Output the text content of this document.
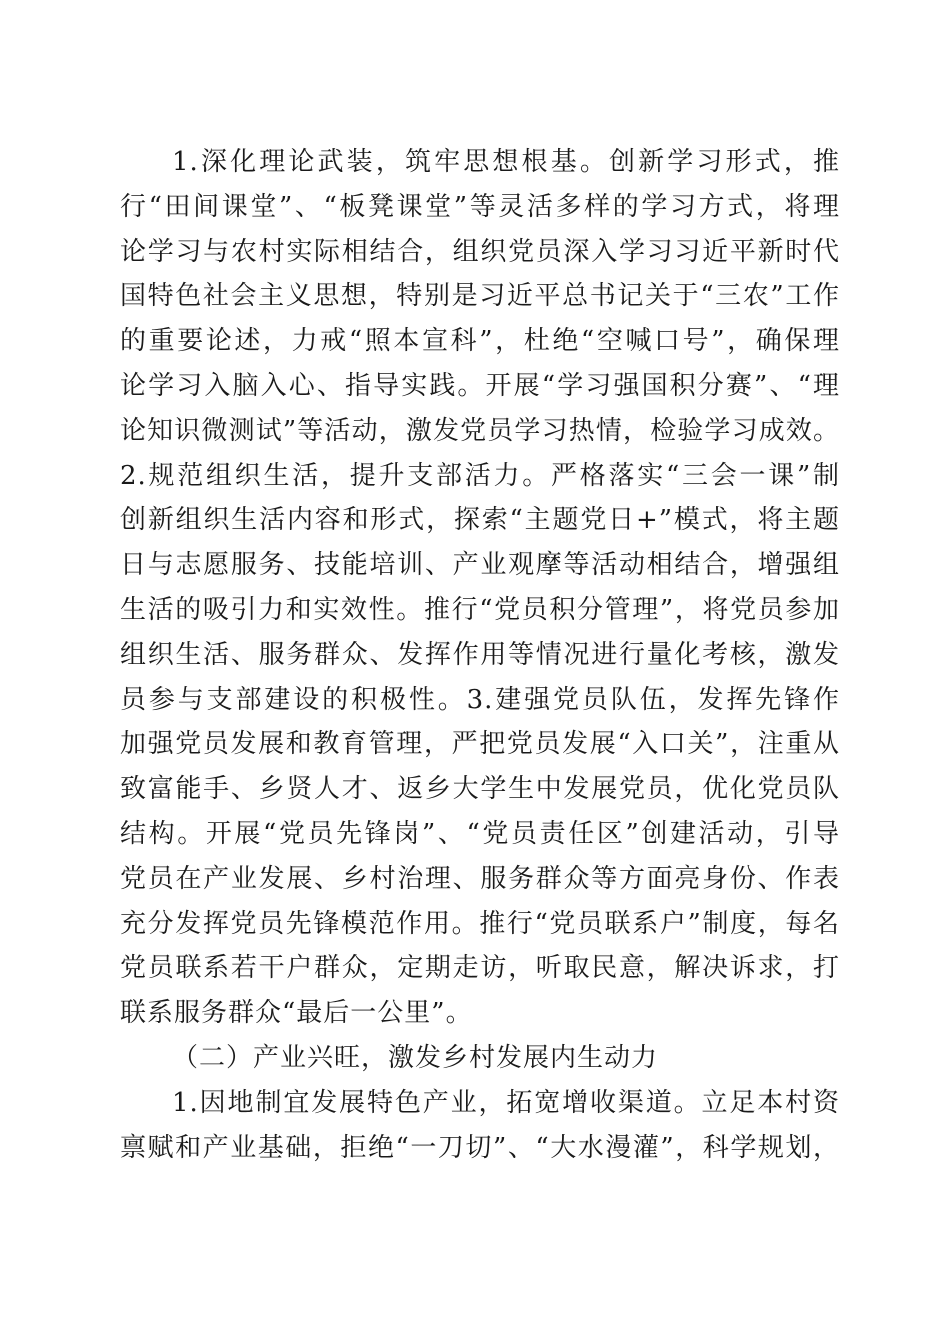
1.深化理论武装，筑牢思想根基。创新学习形式，推
行“田间课堂”、“板凳课堂”等灵活多样的学习方式，将理
论学习与农村实际相结合，组织党员深入学习习近平新时代
国特色社会主义思想，特别是习近平总书记关于“三农”工作
的重要论述，力戒“照本宣科”，杜绝“空喊口号”，确保理
论学习入脑入心、指导实践。开展“学习强国积分赛”、“理
论知识微测试”等活动，激发党员学习热情，检验学习成效。
2.规范组织生活，提升支部活力。严格落实“三会一课”制
创新组织生活内容和形式，探索“主题党日+”模式，将主题
日与志愿服务、技能培训、产业观摩等活动相结合，增强组
生活的吸引力和实效性。推行“党员积分管理”，将党员参加
组织生活、服务群众、发挥作用等情况进行量化考核，激发
员参与支部建设的积极性。3.建强党员队伍，发挥先锋作
加强党员发展和教育管理，严把党员发展“入口关”，注重从
致富能手、乡贤人才、返乡大学生中发展党员，优化党员队
结构。开展“党员先锋岗”、“党员责任区”创建活动，引导
党员在产业发展、乡村治理、服务群众等方面亮身份、作表
充分发挥党员先锋模范作用。推行“党员联系户”制度，每名
党员联系若干户群众，定期走访，听取民意，解决诉求，打
联系服务群众“最后一公里”。
（二）产业兴旺，激发乡村发展内生动力
1.因地制宜发展特色产业，拓宽增收渠道。立足本村资
禀赋和产业基础，拒绝“一刀切”、“大水漫灌”，科学规划，
